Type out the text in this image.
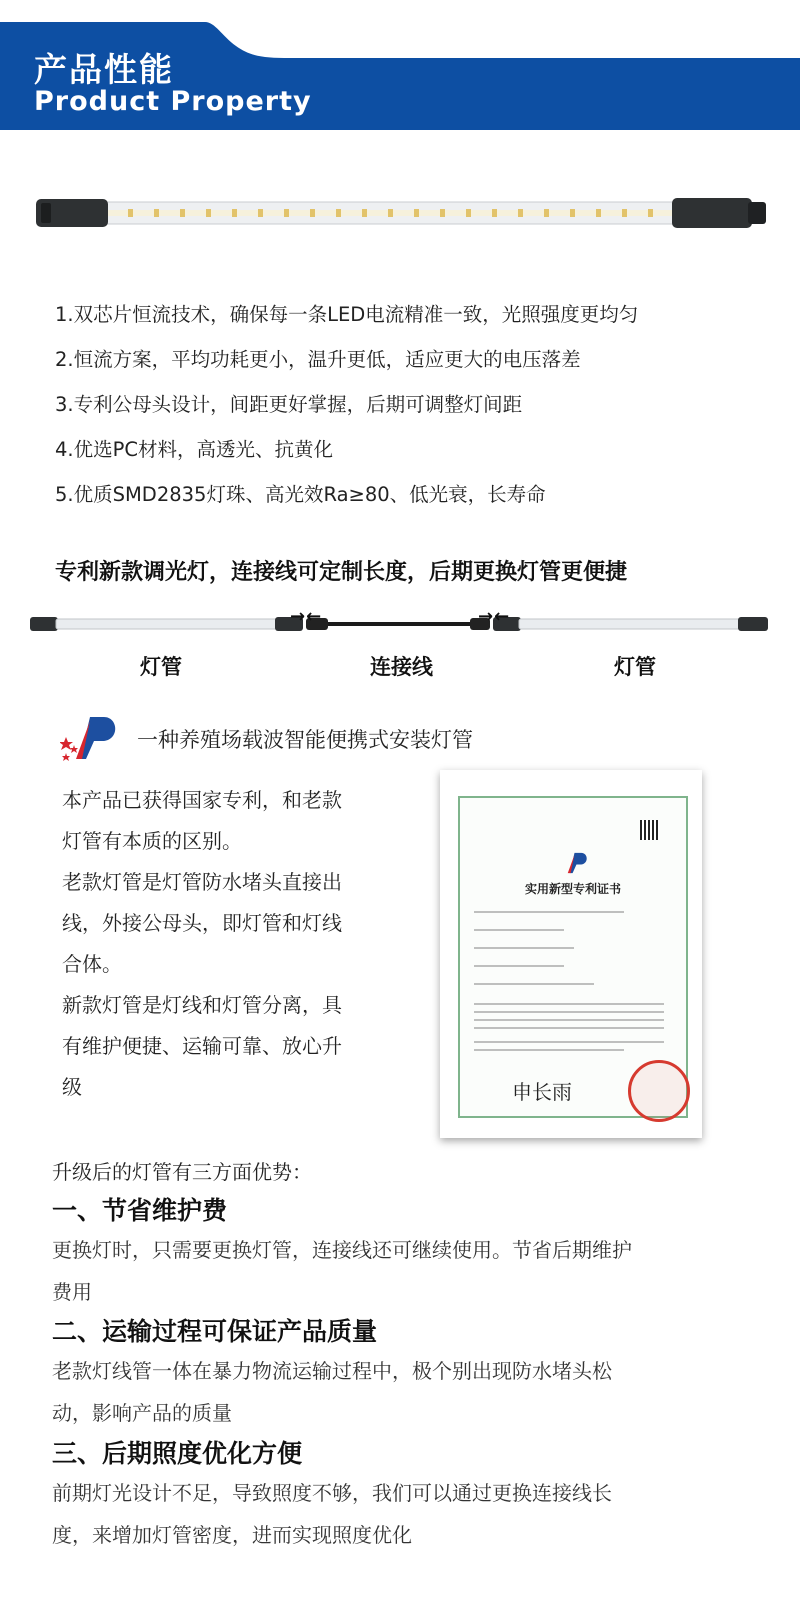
产品性能
Product Property
1.双芯片恒流技术，确保每一条LED电流精准一致，光照强度更均匀
2.恒流方案，平均功耗更小，温升更低，适应更大的电压落差
3.专利公母头设计，间距更好掌握，后期可调整灯间距
4.优选PC材料，高透光、抗黄化
5.优质SMD2835灯珠、高光效Ra≥80、低光衰，长寿命
专利新款调光灯，连接线可定制长度，后期更换灯管更便捷
→←	→←
灯管	连接线	灯管
一种养殖场载波智能便携式安装灯管

本产品已获得国家专利，和老款

灯管有本质的区别。

老款灯管是灯管防水堵头直接出

线，外接公母头，即灯管和灯线

合体。

新款灯管是灯线和灯管分离，具

有维护便捷、运输可靠、放心升

级

实用新型专利证书
申长雨
升级后的灯管有三方面优势：
一、节省维护费

更换灯时，只需要更换灯管，连接线还可继续使用。节省后期维护

费用

二、运输过程可保证产品质量

老款灯线管一体在暴力物流运输过程中，极个别出现防水堵头松

动，影响产品的质量

三、后期照度优化方便

前期灯光设计不足，导致照度不够，我们可以通过更换连接线长

度，来增加灯管密度，进而实现照度优化
